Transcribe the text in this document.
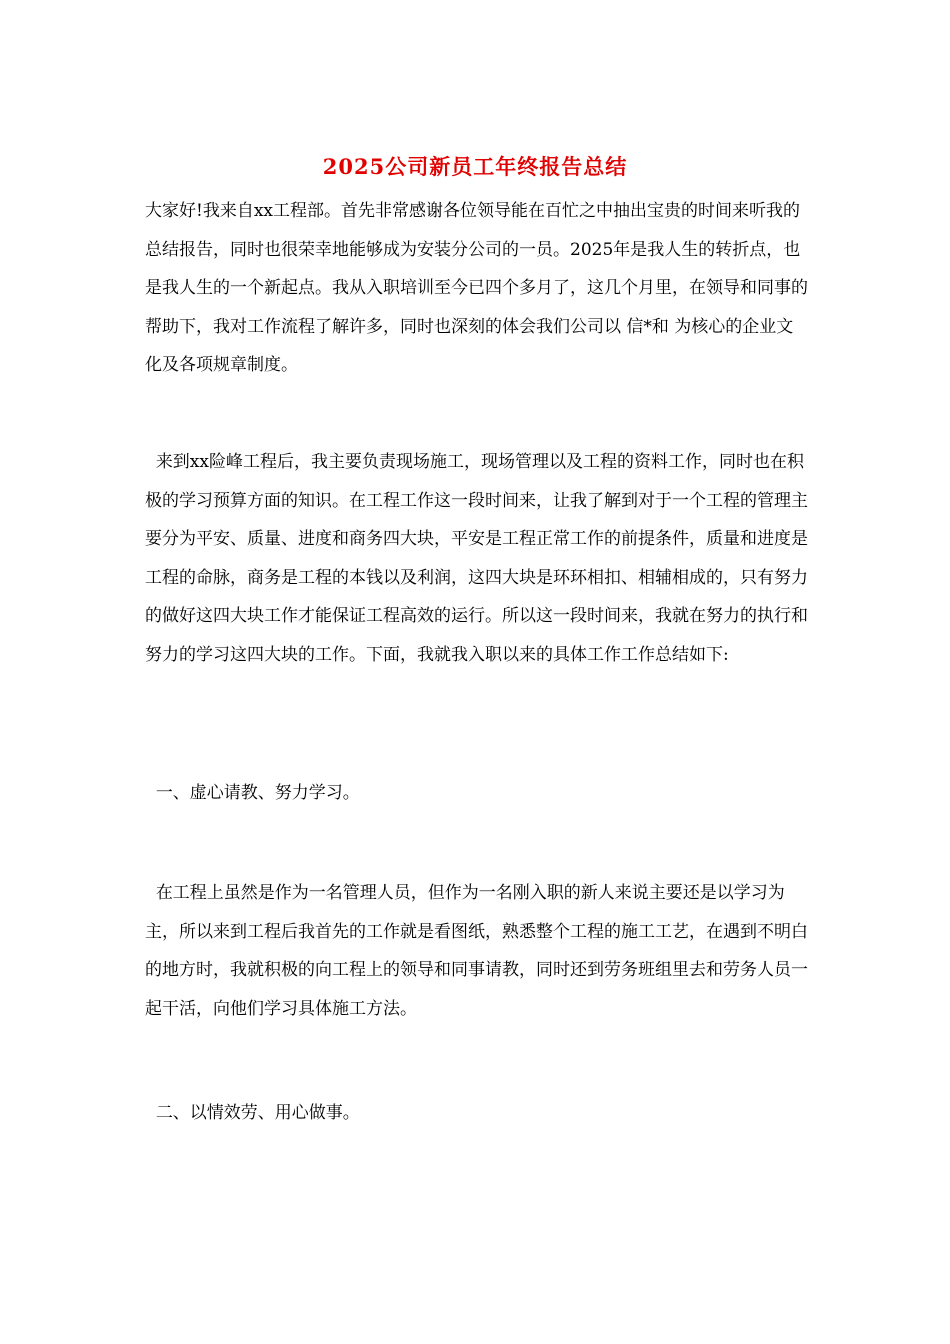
2025公司新员工年终报告总结

大家好!我来自xx工程部。首先非常感谢各位领导能在百忙之中抽出宝贵的时间来听我的总结报告，同时也很荣幸地能够成为安装分公司的一员。2025年是我人生的转折点，也是我人生的一个新起点。我从入职培训至今已四个多月了，这几个月里，在领导和同事的帮助下，我对工作流程了解许多，同时也深刻的体会我们公司以 信*和 为核心的企业文化及各项规章制度。

来到xx险峰工程后，我主要负责现场施工，现场管理以及工程的资料工作，同时也在积极的学习预算方面的知识。在工程工作这一段时间来，让我了解到对于一个工程的管理主要分为平安、质量、进度和商务四大块，平安是工程正常工作的前提条件，质量和进度是工程的命脉，商务是工程的本钱以及利润，这四大块是环环相扣、相辅相成的，只有努力的做好这四大块工作才能保证工程高效的运行。所以这一段时间来，我就在努力的执行和努力的学习这四大块的工作。下面，我就我入职以来的具体工作工作总结如下:

一、虚心请教、努力学习。

在工程上虽然是作为一名管理人员，但作为一名刚入职的新人来说主要还是以学习为主，所以来到工程后我首先的工作就是看图纸，熟悉整个工程的施工工艺，在遇到不明白的地方时，我就积极的向工程上的领导和同事请教，同时还到劳务班组里去和劳务人员一起干活，向他们学习具体施工方法。

二、以情效劳、用心做事。
